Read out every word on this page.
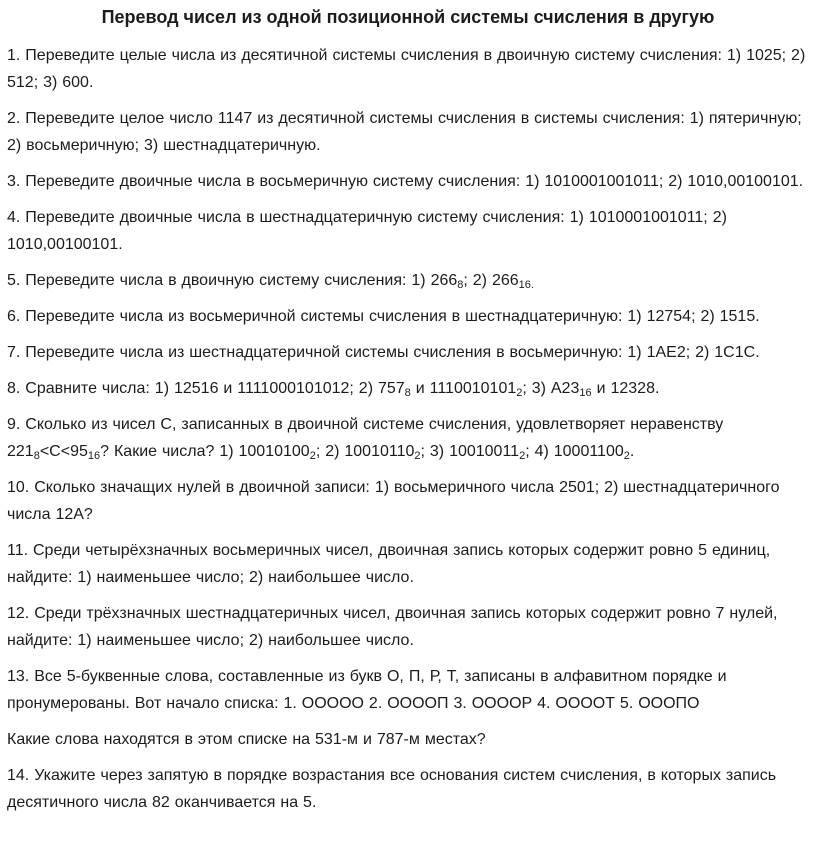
Перевод чисел из одной позиционной системы счисления в другую

1. Переведите целые числа из десятичной системы счисления в двоичную систему счисления: 1) 1025; 2) 512; 3) 600.

2. Переведите целое число 1147 из десятичной системы счисления в системы счисления: 1) пятеричную; 2) восьмеричную; 3) шестнадцатеричную.

3. Переведите двоичные числа в восьмеричную систему счисления: 1) 1010001001011; 2) 1010,00100101.

4. Переведите двоичные числа в шестнадцатеричную систему счисления: 1) 1010001001011; 2) 1010,00100101.

5. Переведите числа в двоичную систему счисления: 1) $266_8$; 2) $266_{16.}$

6. Переведите числа из восьмеричной системы счисления в шестнадцатеричную: 1) 12754; 2) 1515.

7. Переведите числа из шестнадцатеричной системы счисления в восьмеричную: 1) 1AE2; 2) 1C1C.

8. Сравните числа: 1) 12516 и 1111000101012; 2) $757_8$ и $1110010101_2$; 3) $A23_{16}$ и 12328.

9. Сколько из чисел С, записанных в двоичной системе счисления, удовлетворяет неравенству $221_8<C<95_{16}$? Какие числа? 1) $10010100_2$; 2) $10010110_2$; 3) $10010011_2$; 4) $10001100_2$.

10. Сколько значащих нулей в двоичной записи: 1) восьмеричного числа 2501; 2) шестнадцатеричного числа 12А?

11. Среди четырёхзначных восьмеричных чисел, двоичная запись которых содержит ровно 5 единиц, найдите: 1) наименьшее число; 2) наибольшее число.

12. Среди трёхзначных шестнадцатеричных чисел, двоичная запись которых содержит ровно 7 нулей, найдите: 1) наименьшее число; 2) наибольшее число.

13. Все 5-буквенные слова, составленные из букв О, П, Р, Т, записаны в алфавитном порядке и пронумерованы. Вот начало списка: 1. ООООО 2. ООООП 3. ООООР 4. ООООТ 5. ОООПО

Какие слова находятся в этом списке на 531-м и 787-м местах?

14. Укажите через запятую в порядке возрастания все основания систем счисления, в которых запись десятичного числа 82 оканчивается на 5.
